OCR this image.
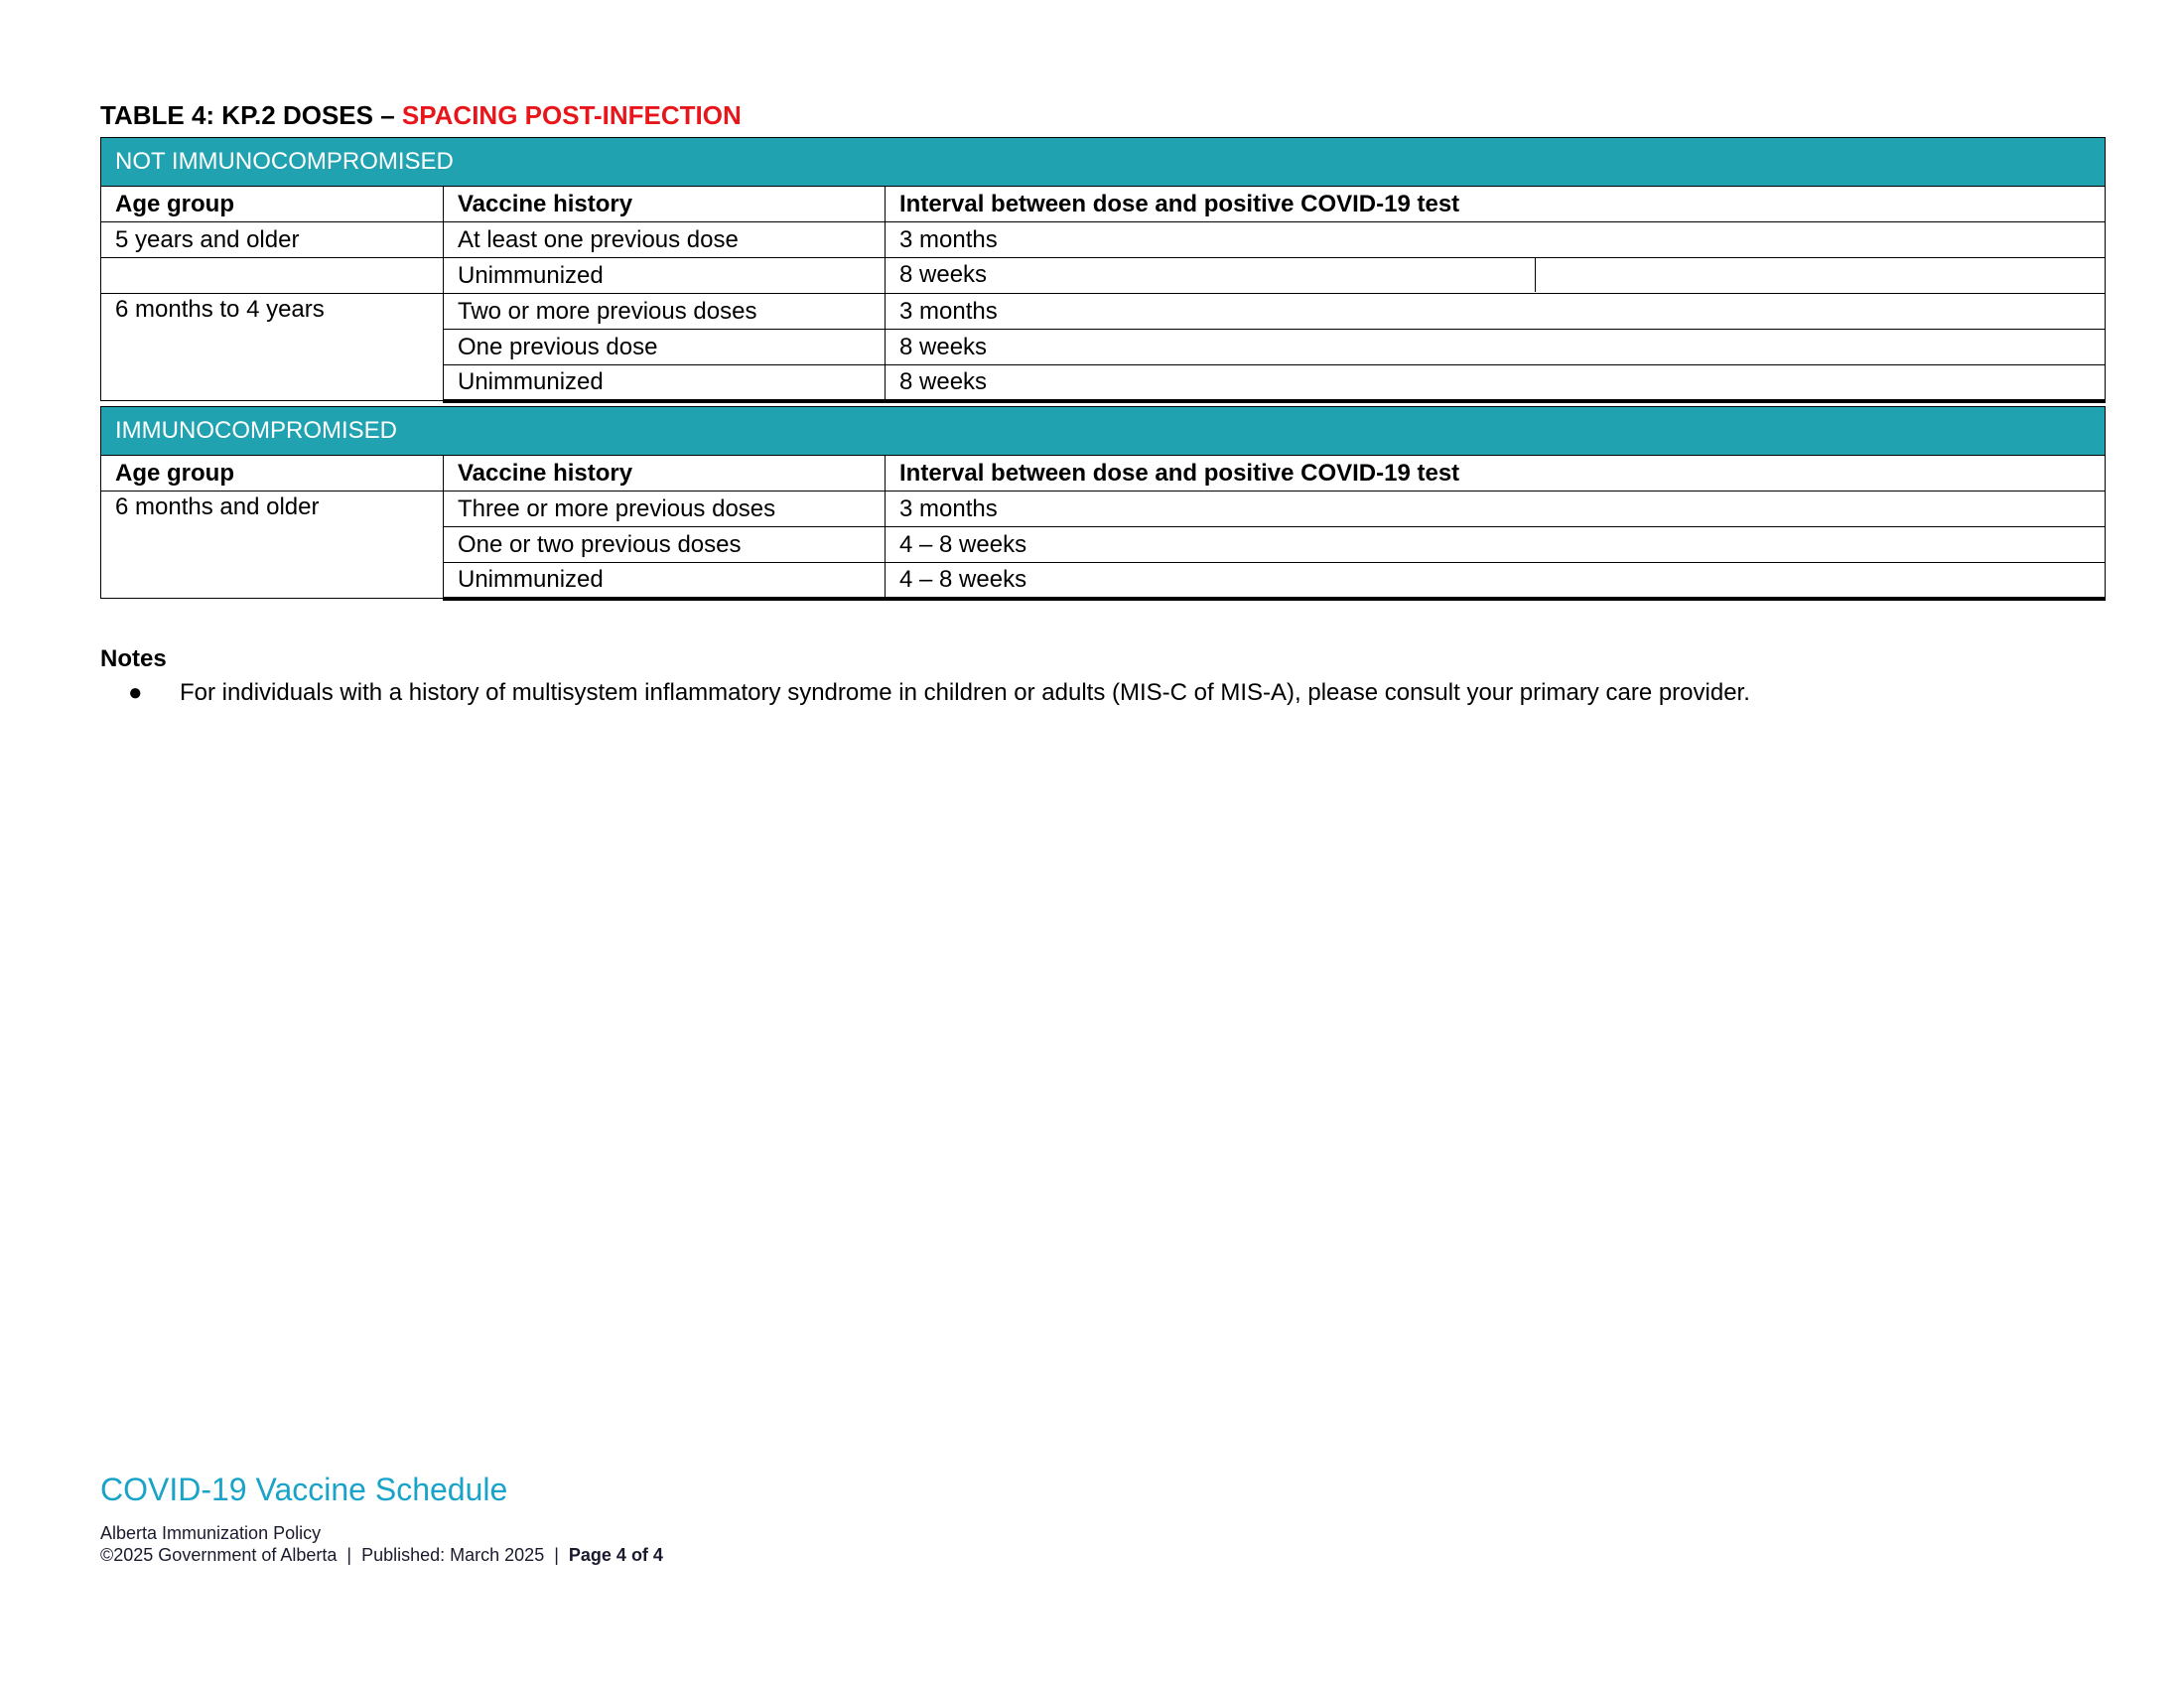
TABLE 4: KP.2 DOSES – SPACING POST-INFECTION
NOT IMMUNOCOMPROMISED		
Age group	Vaccine history	Interval between dose and positive COVID-19 test
5 years and older	At least one previous dose	3 months
	Unimmunized	8 weeks

6 months to 4 years	Two or more previous doses	3 months
	One previous dose	8 weeks
	Unimmunized	8 weeks
IMMUNOCOMPROMISED		
Age group	Vaccine history	Interval between dose and positive COVID-19 test
6 months and older	Three or more previous doses	3 months
	One or two previous doses	4 – 8 weeks
	Unimmunized	4 – 8 weeks
Notes
● For individuals with a history of multisystem inflammatory syndrome in children or adults (MIS-C of MIS-A), please consult your primary care provider.
COVID-19 Vaccine Schedule
Alberta Immunization Policy
©2025 Government of Alberta | Published: March 2025 | Page 4 of 4
